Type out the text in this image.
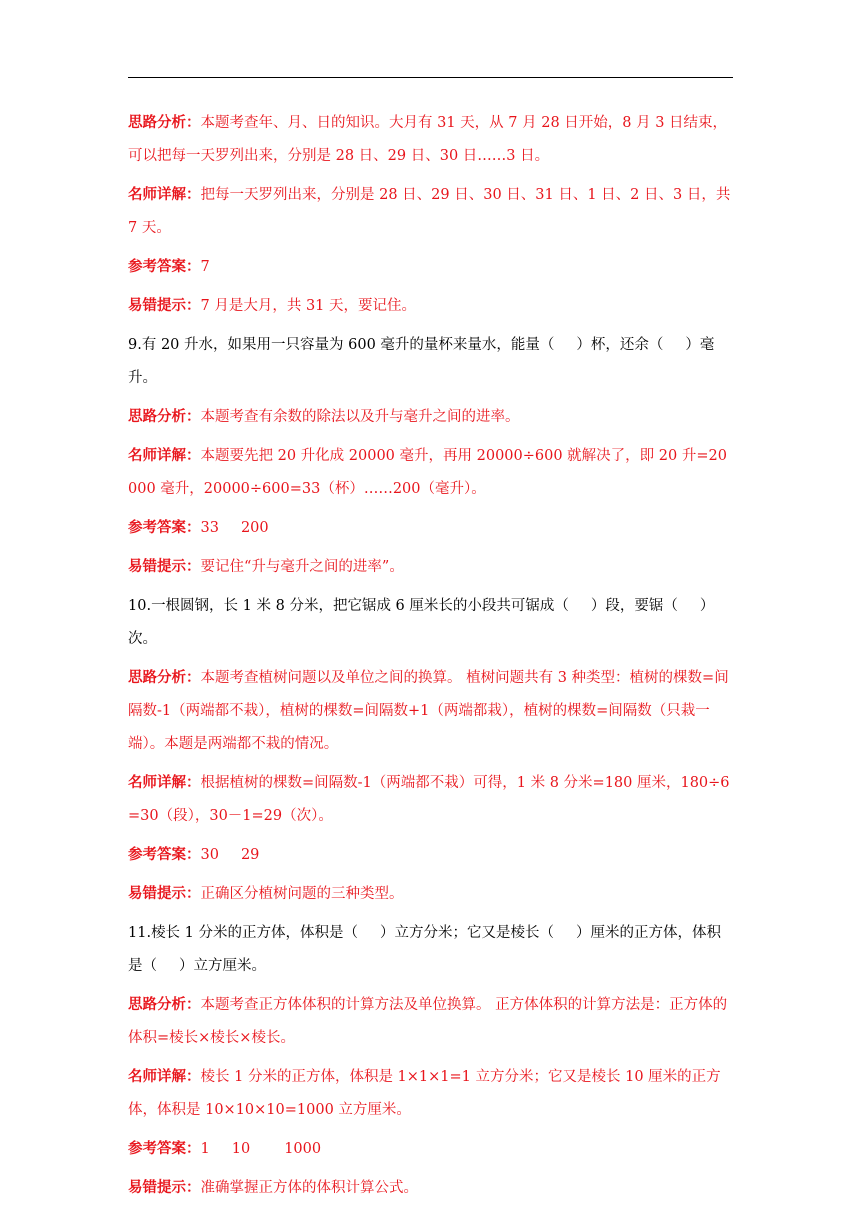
思路分析：本题考查年、月、日的知识。大月有 31 天，从 7 月 28 日开始，8 月 3 日结束，可以把每一天罗列出来，分别是 28 日、29 日、30 日……3 日。

名师详解：把每一天罗列出来，分别是 28 日、29 日、30 日、31 日、1 日、2 日、3 日，共 7 天。

参考答案：7

易错提示：7 月是大月，共 31 天，要记住。

9.有 20 升水，如果用一只容量为 600 毫升的量杯来量水，能量（ ）杯，还余（ ）毫升。

思路分析：本题考查有余数的除法以及升与毫升之间的进率。

名师详解：本题要先把 20 升化成 20000 毫升，再用 20000÷600 就解决了，即 20 升=20000 毫升，20000÷600=33（杯）……200（毫升）。

参考答案：33 200

易错提示：要记住“升与毫升之间的进率”。

10.一根圆钢，长 1 米 8 分米，把它锯成 6 厘米长的小段共可锯成（ ）段，要锯（ ）次。

思路分析：本题考查植树问题以及单位之间的换算。 植树问题共有 3 种类型：植树的棵数=间隔数-1（两端都不栽），植树的棵数=间隔数+1（两端都栽），植树的棵数=间隔数（只栽一端）。本题是两端都不栽的情况。

名师详解：根据植树的棵数=间隔数-1（两端都不栽）可得，1 米 8 分米=180 厘米，180÷6=30（段），30－1=29（次）。

参考答案：30 29

易错提示：正确区分植树问题的三种类型。

11.棱长 1 分米的正方体，体积是（ ）立方分米；它又是棱长（ ）厘米的正方体，体积是（ ）立方厘米。

思路分析：本题考查正方体体积的计算方法及单位换算。 正方体体积的计算方法是：正方体的体积=棱长×棱长×棱长。

名师详解：棱长 1 分米的正方体，体积是 1×1×1=1 立方分米；它又是棱长 10 厘米的正方体，体积是 10×10×10=1000 立方厘米。

参考答案：1 10 1000

易错提示：准确掌握正方体的体积计算公式。
